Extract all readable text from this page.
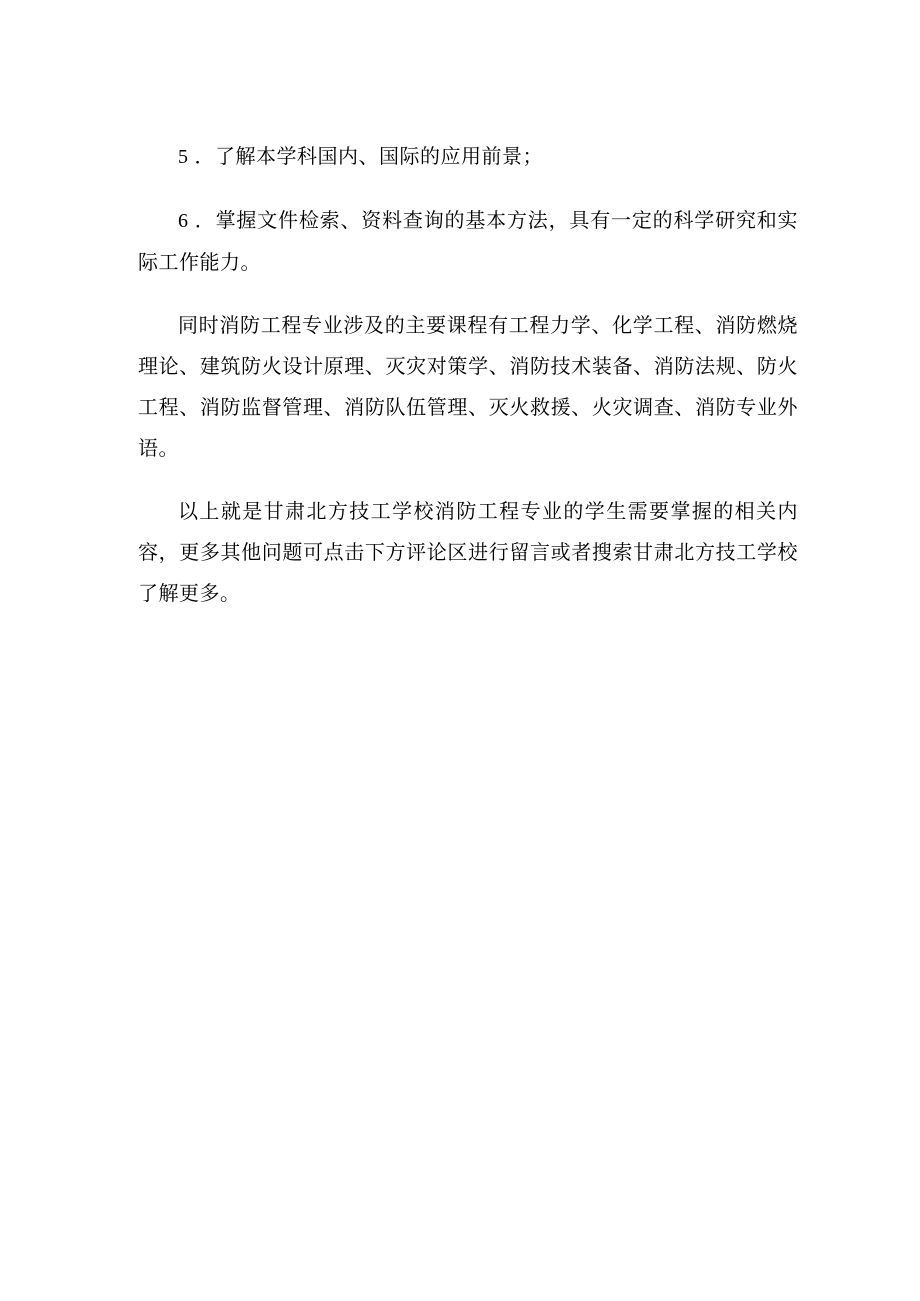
5 ．了解本学科国内、国际的应用前景；

6 ．掌握文件检索、资料查询的基本方法，具有一定的科学研究和实际工作能力。

同时消防工程专业涉及的主要课程有工程力学、化学工程、消防燃烧理论、建筑防火设计原理、灭灾对策学、消防技术装备、消防法规、防火工程、消防监督管理、消防队伍管理、灭火救援、火灾调查、消防专业外语。

以上就是甘肃北方技工学校消防工程专业的学生需要掌握的相关内容，更多其他问题可点击下方评论区进行留言或者搜索甘肃北方技工学校了解更多。
